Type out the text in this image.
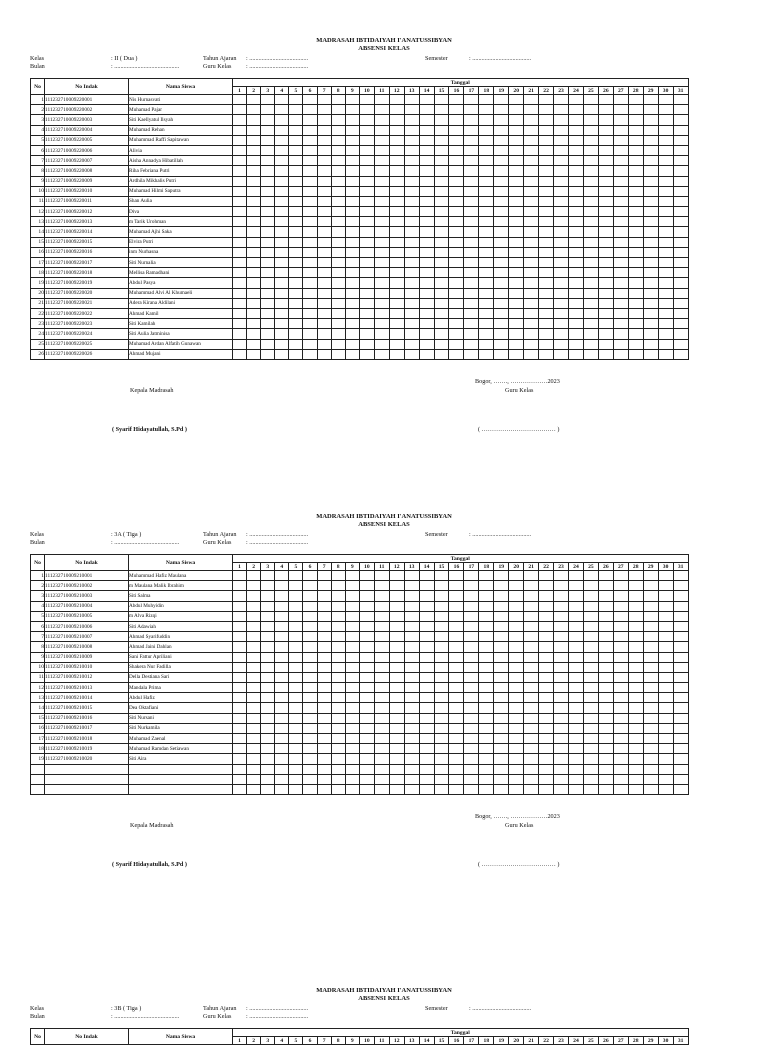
MADRASAH IBTIDAIYAH I'ANATUSSIBYAN
ABSENSI KELAS
Kelas	: II ( Dua )	Tahun Ajaran : ......................................	Semester	: ......................................
Bulan	: ..........................................	Guru Kelas : ......................................
No	No Indak	Nama Siswa	Tanggal																														
			1	2	3	4	5	6	7	8	9	10	11	12	13	14	15	16	17	18	19	20	21	22	23	24	25	26	27	28	29	30	31
1	111232710009220001	Nis Hurnasvati																															
2	111232710009220002	Muhamad Pajar																															
3	111232710009220003	Siti Kaellyatul Ilsyah																															
4	111232710009220004	Muhamad Rehan																															
5	111232710009220005	Muhammad Raffi Sapitawan																															
6	111232710009220006	Alivia																															
7	111232710009220007	Aisha Annadya Hibatillah																															
8	111232710009220008	Riha Febriana Putri																															
9	111232710009220009	Ardhila Mikhalis Putri																															
10	111232710009220010	Muhamad Hilmi Saputra																															
11	111232710009220011	Shan Aulia																															
12	111232710009220012	Diva																															
13	111232710009220013	m Tarik Urohman																															
14	111232710009220014	Muhamad Ajhi Saka																															
15	111232710009220015	Elvira Putri																															
16	111232710009220016	inm Nurhasna																															
17	111232710009220017	Siti Nurnalia																															
18	111232710009220018	Mellisa Ramadhani																															
19	111232710009220019	Abdul Pasya																															
20	111232710009220020	Muhammad Alvi Al Khumaeli																															
21	111232710009220021	Adera Kirana Aldilani																															
22	111232710009220022	Ahmad Kamil																															
23	111232710009220023	Siti Kamilah																															
24	111232710009220024	Siti Aulia Jatminisa																															
25	111232710009220025	Muhamad Ardan Alfatih Gunawan																															
26	111232710009220026	Ahmad Mujani																															
Bogor, ……., ………………2023
Kepala Madrasah	Guru Kelas
( Syarif Hidayatullah, S.Pd )	( ……………………………… )
MADRASAH IBTIDAIYAH I'ANATUSSIBYAN
ABSENSI KELAS
Kelas	: 3A ( Tiga )	Tahun Ajaran : ......................................	Semester	: ......................................
Bulan	: ..........................................	Guru Kelas : ......................................
No	No Indak	Nama Siswa	Tanggal																														
			1	2	3	4	5	6	7	8	9	10	11	12	13	14	15	16	17	18	19	20	21	22	23	24	25	26	27	28	29	30	31
1	111232710009210001	Muhammad Hafiz Maulana																															
2	111232710009210002	m Maulana Malik Ibrahim																															
3	111232710009210003	Siti Salma																															
4	111232710009210004	Abdul Muhyidin																															
5	111232710009210005	m Alva Rizqi																															
6	111232710009210006	Siti Adawiah																															
7	111232710009210007	Ahmad Syarifuddin																															
8	111232710009210008	Ahmad Jaini Dahlan																															
9	111232710009210009	Sani Fattur Apriliani																															
10	111232710009210010	Shakera Nur Fadilla																															
11	111232710009210012	Della Destiana Sari																															
12	111232710009210013	Mandala Prima																															
13	111232710009210014	Abdul Hafiz																															
14	111232710009210015	Dea Oktafiani																															
15	111232710009210016	Siti Nursani																															
16	111232710009210017	Siti Nurkamila																															
17	111232710009210018	Muhamad Zaenal																															
18	111232710009210019	Muhamad Ramdan Setiawan																															
19	111232710009210020	Siti Aira																															

Bogor, ……., ………………2023
Kepala Madrasah	Guru Kelas
( Syarif Hidayatullah, S.Pd )	( ……………………………… )
MADRASAH IBTIDAIYAH I'ANATUSSIBYAN
ABSENSI KELAS
Kelas	: 3B ( Tiga )	Tahun Ajaran : ......................................	Semester	: ......................................
Bulan	: ..........................................	Guru Kelas : ......................................
No	No Indak	Nama Siswa	Tanggal																														
			1	2	3	4	5	6	7	8	9	10	11	12	13	14	15	16	17	18	19	20	21	22	23	24	25	26	27	28	29	30	31
